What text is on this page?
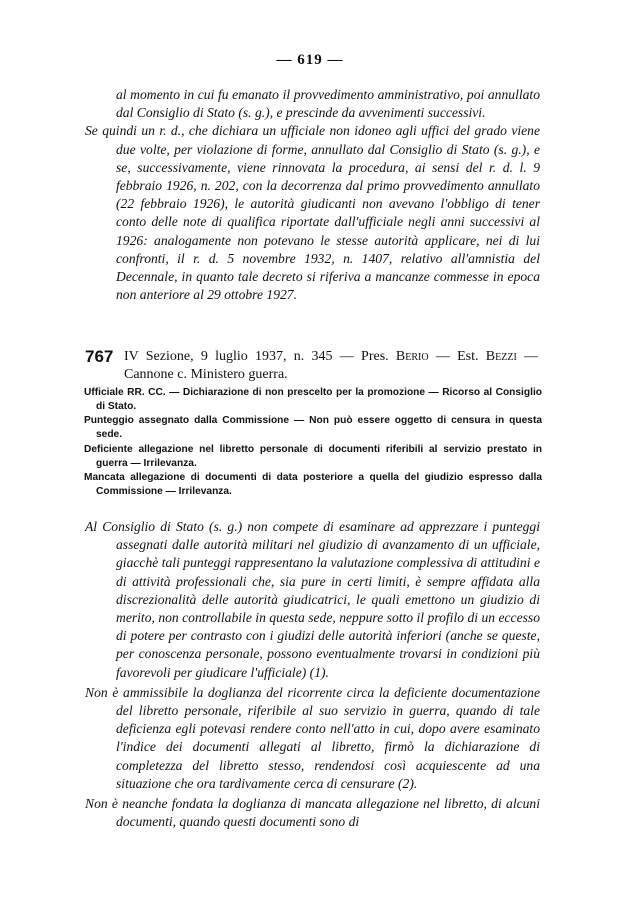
— 619 —

al momento in cui fu emanato il provvedimento amministrativo, poi annullato dal Consiglio di Stato (s. g.), e prescinde da avvenimenti successivi.

Se quindi un r. d., che dichiara un ufficiale non idoneo agli uffici del grado viene due volte, per violazione di forme, annullato dal Consiglio di Stato (s. g.), e se, successivamente, viene rinnovata la procedura, ai sensi del r. d. l. 9 febbraio 1926, n. 202, con la decorrenza dal primo provvedimento annullato (22 febbraio 1926), le autorità giudicanti non avevano l'obbligo di tener conto delle note di qualifica riportate dall'ufficiale negli anni successivi al 1926: analogamente non potevano le stesse autorità applicare, nei di lui confronti, il r. d. 5 novembre 1932, n. 1407, relativo all'amnistia del Decennale, in quanto tale decreto si riferiva a mancanze commesse in epoca non anteriore al 29 ottobre 1927.

767 IV Sezione, 9 luglio 1937, n. 345 — Pres. Berio — Est. Bezzi — Cannone c. Ministero guerra.

Ufficiale RR. CC. — Dichiarazione di non prescelto per la promozione — Ricorso al Consiglio di Stato.

Punteggio assegnato dalla Commissione — Non può essere oggetto di censura in questa sede.

Deficiente allegazione nel libretto personale di documenti riferibili al servizio prestato in guerra — Irrilevanza.

Mancata allegazione di documenti di data posteriore a quella del giudizio espresso dalla Commissione — Irrilevanza.

Al Consiglio di Stato (s. g.) non compete di esaminare ad apprezzare i punteggi assegnati dalle autorità militari nel giudizio di avanzamento di un ufficiale, giacchè tali punteggi rappresentano la valutazione complessiva di attitudini e di attività professionali che, sia pure in certi limiti, è sempre affidata alla discrezionalità delle autorità giudicatrici, le quali emettono un giudizio di merito, non controllabile in questa sede, neppure sotto il profilo di un eccesso di potere per contrasto con i giudizi delle autorità inferiori (anche se queste, per conoscenza personale, possono eventualmente trovarsi in condizioni più favorevoli per giudicare l'ufficiale) (1).

Non è ammissibile la doglianza del ricorrente circa la deficiente documentazione del libretto personale, riferibile al suo servizio in guerra, quando di tale deficienza egli potevasi rendere conto nell'atto in cui, dopo avere esaminato l'indice dei documenti allegati al libretto, firmò la dichiarazione di completezza del libretto stesso, rendendosi così acquiescente ad una situazione che ora tardivamente cerca di censurare (2).

Non è neanche fondata la doglianza di mancata allegazione nel libretto, di alcuni documenti, quando questi documenti sono di
